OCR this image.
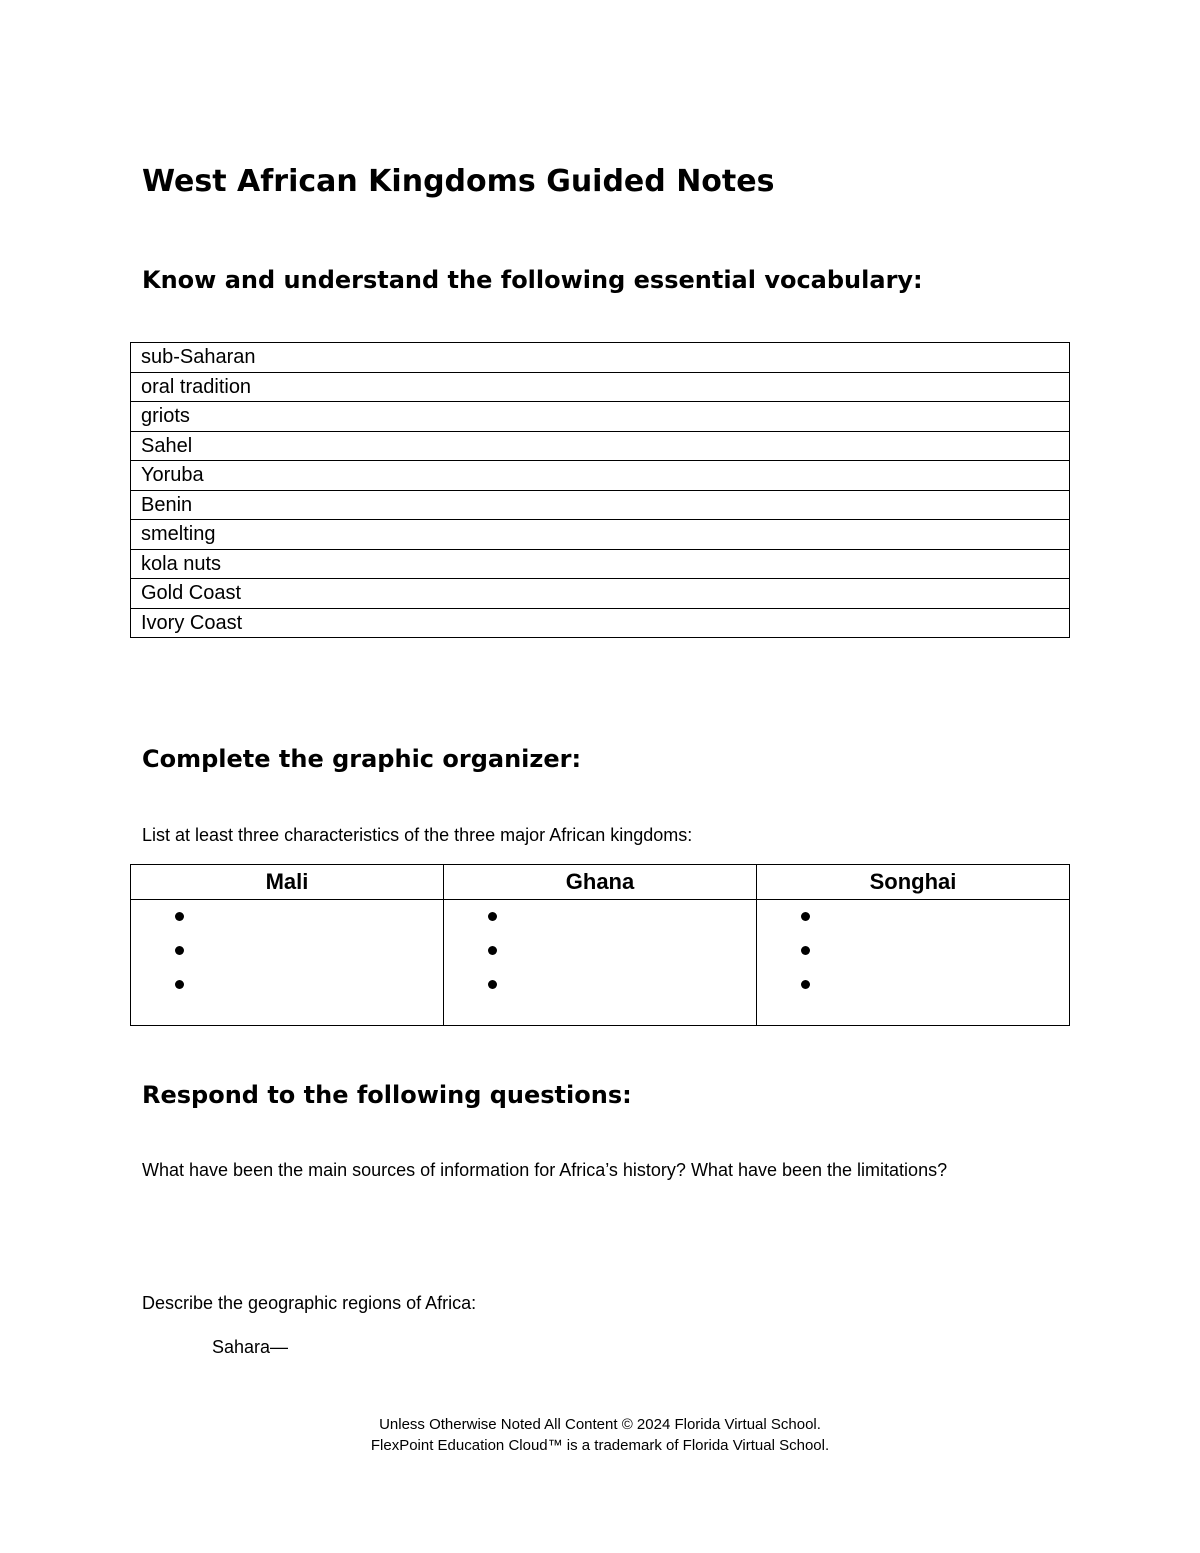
West African Kingdoms Guided Notes
Know and understand the following essential vocabulary:
sub-Saharan
oral tradition
griots
Sahel
Yoruba
Benin
smelting
kola nuts
Gold Coast
Ivory Coast
Complete the graphic organizer:
List at least three characteristics of the three major African kingdoms:
Mali	Ghana	Songhai

Respond to the following questions:
What have been the main sources of information for Africa’s history? What have been the limitations?
Describe the geographic regions of Africa:
Sahara—
Unless Otherwise Noted All Content © 2024 Florida Virtual School.
FlexPoint Education Cloud™ is a trademark of Florida Virtual School.
